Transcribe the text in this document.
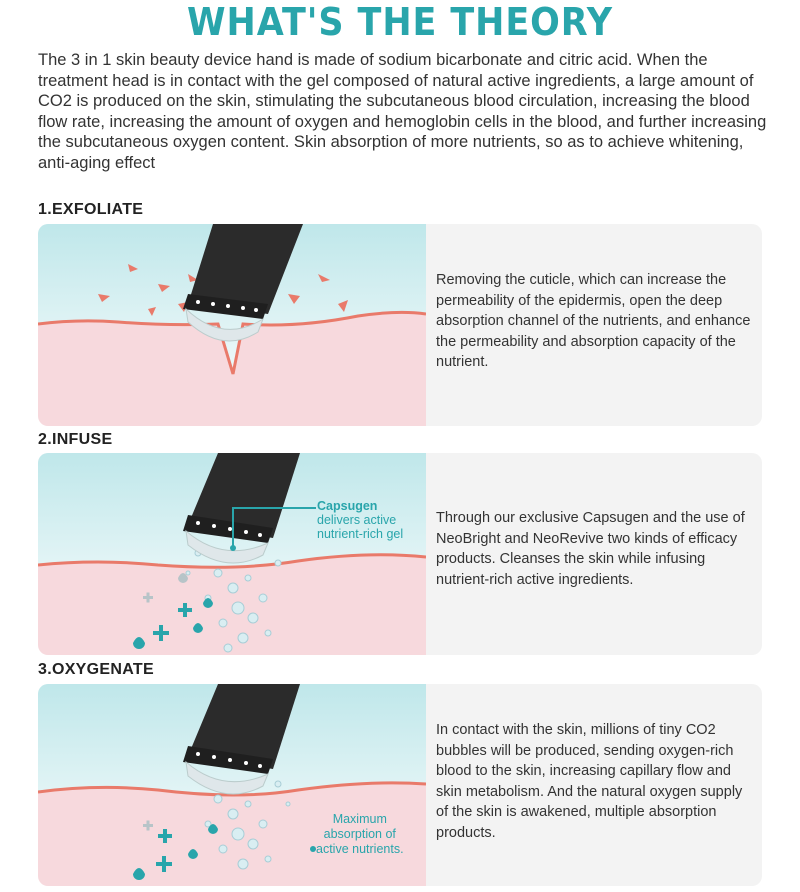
WHAT'S THE THEORY
The 3 in 1 skin beauty device hand is made of sodium bicarbonate and citric acid. When the treatment head is in contact with the gel composed of natural active ingredients, a large amount of CO2 is produced on the skin, stimulating the subcutaneous blood circulation, increasing the blood flow rate, increasing the amount of oxygen and hemoglobin cells in the blood, and further increasing the subcutaneous oxygen content. Skin absorption of more nutrients, so as to achieve whitening, anti-aging effect
1.EXFOLIATE
Removing the cuticle, which can increase the permeability of the epidermis, open the deep absorption channel of the nutrients, and enhance the permeability and absorption capacity of the nutrient.
2.INFUSE
Capsugen
delivers active
nutrient-rich gel
Through our exclusive Capsugen and the use of NeoBright and NeoRevive two kinds of efficacy products. Cleanses the skin while infusing nutrient-rich active ingredients.
3.OXYGENATE
Maximum
absorption of
active nutrients.
In contact with the skin, millions of tiny CO2 bubbles will be produced, sending oxygen-rich blood to the skin, increasing capillary flow and skin metabolism. And the natural oxygen supply of the skin is awakened, multiple absorption products.
